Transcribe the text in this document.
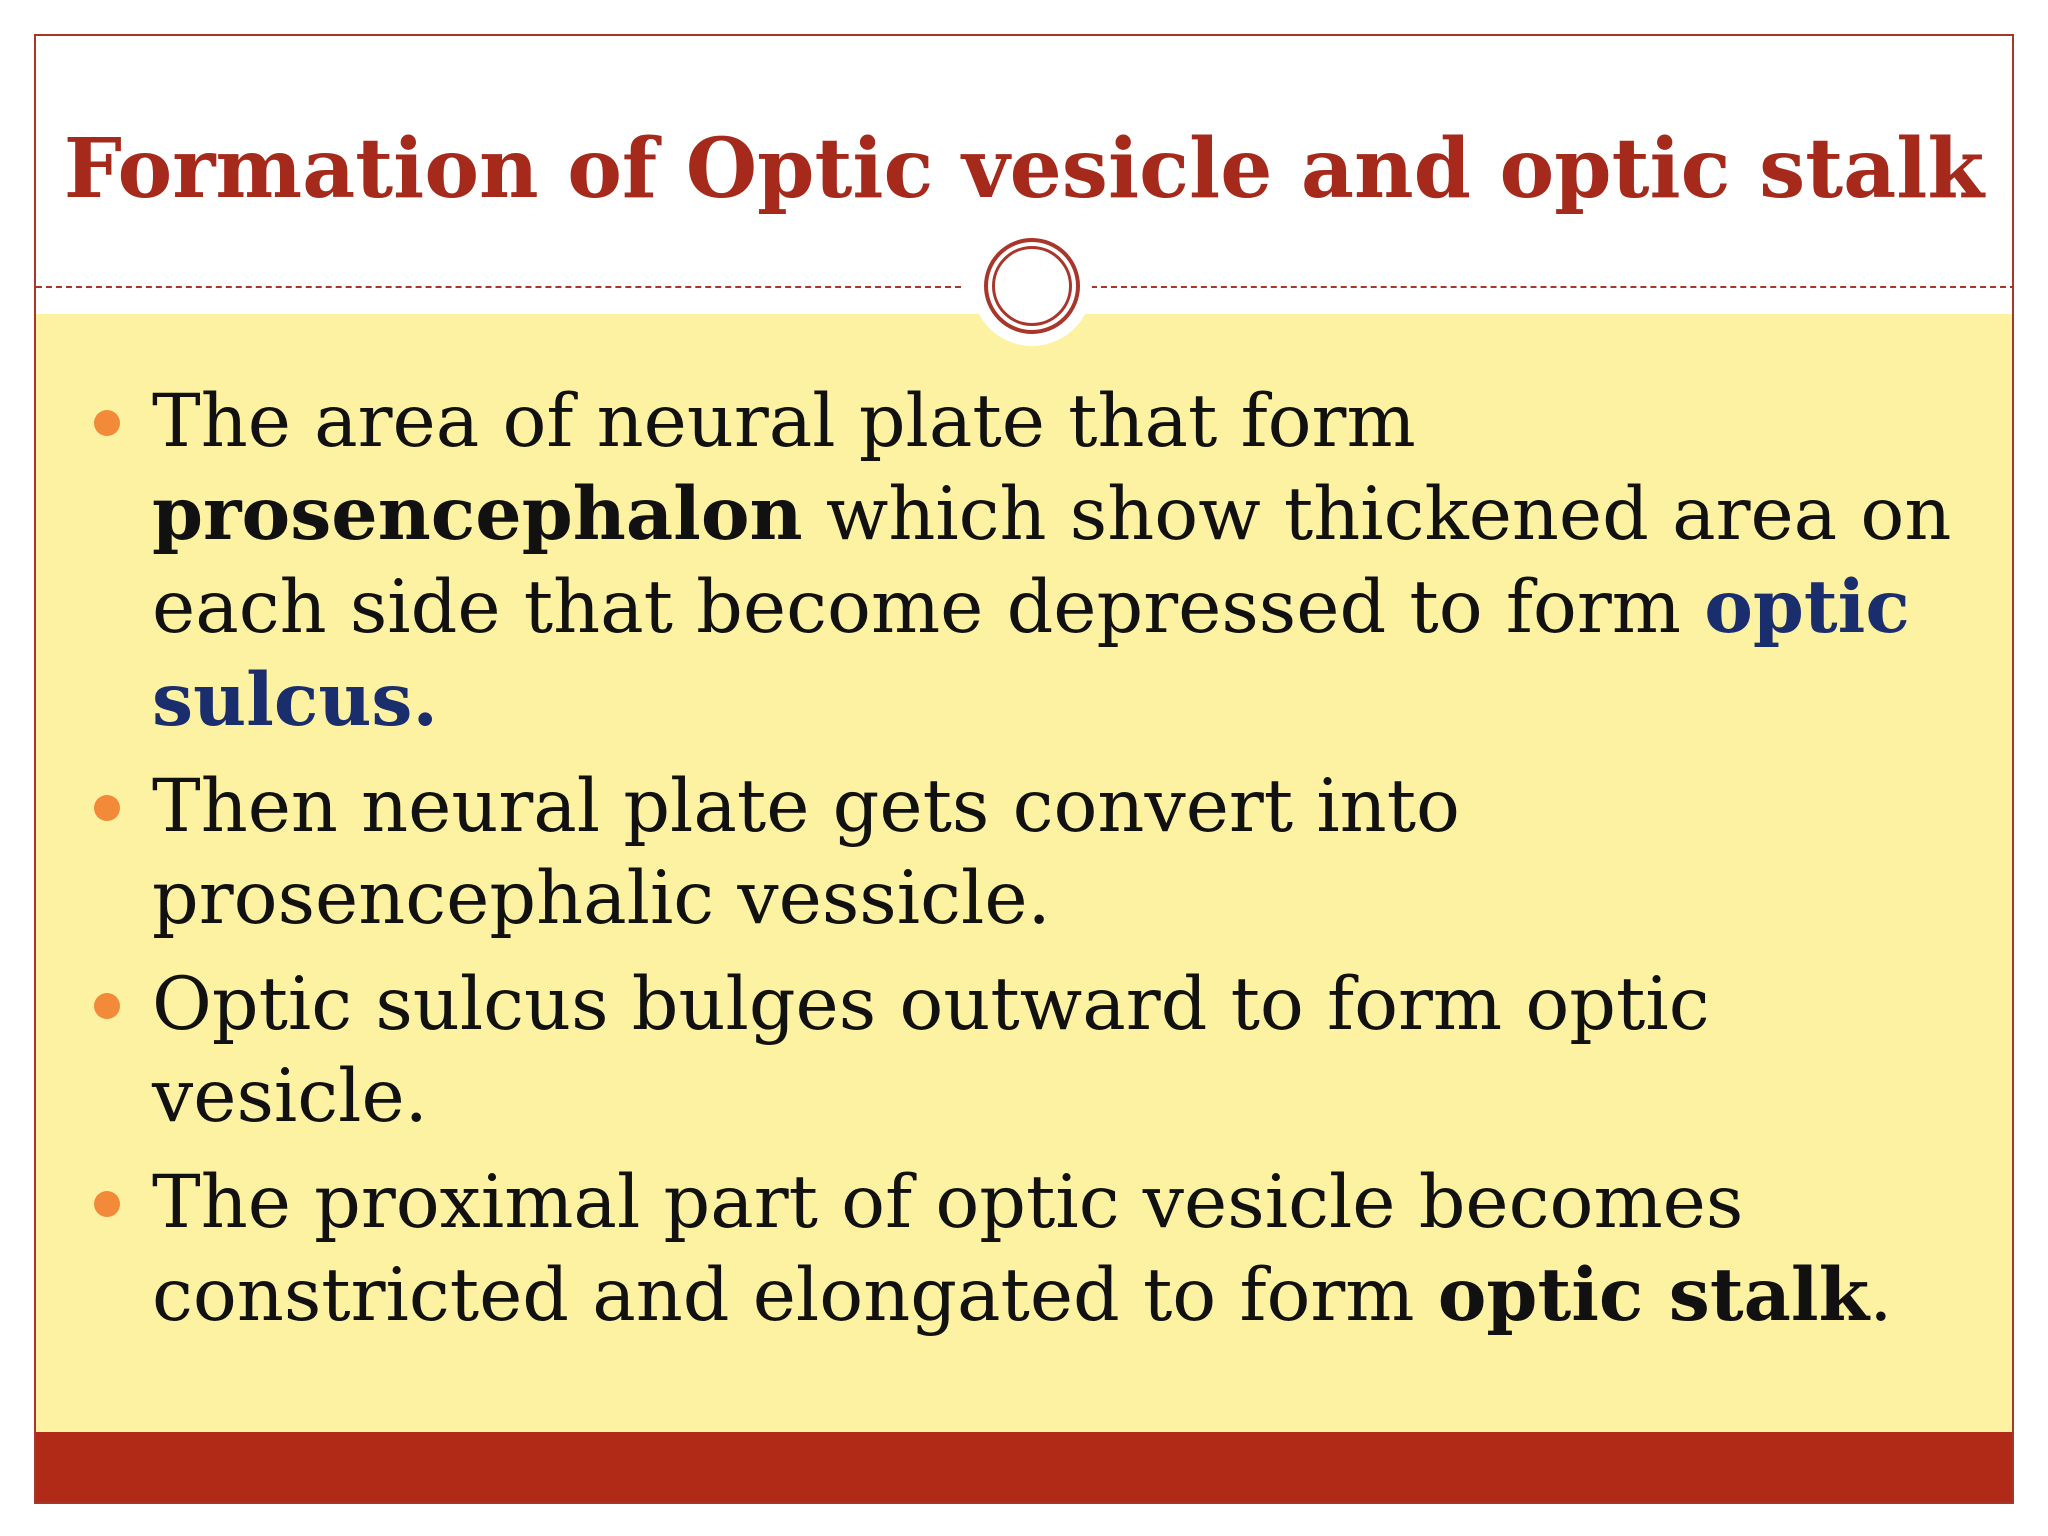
Formation of Optic vesicle and optic stalk
The area of neural plate that form prosencephalon which show thickened area on each side that become depressed to form optic sulcus.
Then neural plate gets convert into prosencephalic vessicle.
Optic sulcus bulges outward to form optic vesicle.
The proximal part of optic vesicle becomes constricted and elongated to form optic stalk.
